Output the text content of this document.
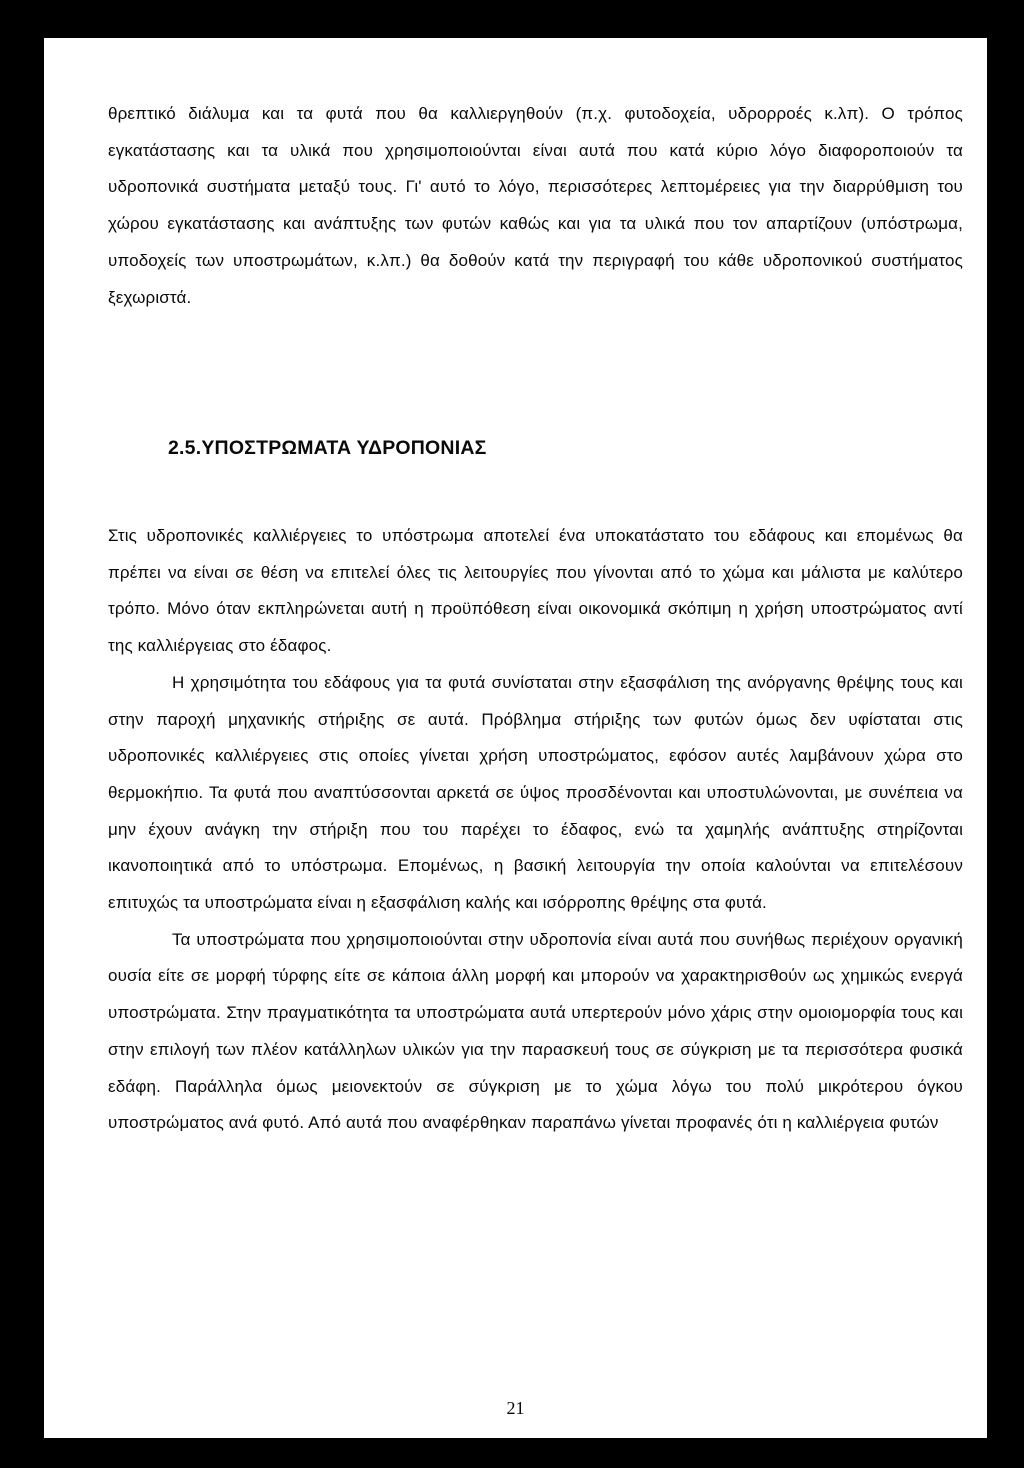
θρεπτικό διάλυμα και τα φυτά που θα καλλιεργηθούν (π.χ. φυτοδοχεία, υδρορροές κ.λπ). Ο τρόπος εγκατάστασης και τα υλικά που χρησιμοποιούνται είναι αυτά που κατά κύριο λόγο διαφοροποιούν τα υδροπονικά συστήματα μεταξύ τους. Γι' αυτό το λόγο, περισσότερες λεπτομέρειες για την διαρρύθμιση του χώρου εγκατάστασης και ανάπτυξης των φυτών καθώς και για τα υλικά που τον απαρτίζουν (υπόστρωμα, υποδοχείς των υποστρωμάτων, κ.λπ.) θα δοθούν κατά την περιγραφή του κάθε υδροπονικού συστήματος ξεχωριστά.

2.5.ΥΠΟΣΤΡΩΜΑΤΑ ΥΔΡΟΠΟΝΙΑΣ

Στις υδροπονικές καλλιέργειες το υπόστρωμα αποτελεί ένα υποκατάστατο του εδάφους και επομένως θα πρέπει να είναι σε θέση να επιτελεί όλες τις λειτουργίες που γίνονται από το χώμα και μάλιστα με καλύτερο τρόπο. Μόνο όταν εκπληρώνεται αυτή η προϋπόθεση είναι οικονομικά σκόπιμη η χρήση υποστρώματος αντί της καλλιέργειας στο έδαφος.

Η χρησιμότητα του εδάφους για τα φυτά συνίσταται στην εξασφάλιση της ανόργανης θρέψης τους και στην παροχή μηχανικής στήριξης σε αυτά. Πρόβλημα στήριξης των φυτών όμως δεν υφίσταται στις υδροπονικές καλλιέργειες στις οποίες γίνεται χρήση υποστρώματος, εφόσον αυτές λαμβάνουν χώρα στο θερμοκήπιο. Τα φυτά που αναπτύσσονται αρκετά σε ύψος προσδένονται και υποστυλώνονται, με συνέπεια να μην έχουν ανάγκη την στήριξη που του παρέχει το έδαφος, ενώ τα χαμηλής ανάπτυξης στηρίζονται ικανοποιητικά από το υπόστρωμα. Επομένως, η βασική λειτουργία την οποία καλούνται να επιτελέσουν επιτυχώς τα υποστρώματα είναι η εξασφάλιση καλής και ισόρροπης θρέψης στα φυτά.

Τα υποστρώματα που χρησιμοποιούνται στην υδροπονία είναι αυτά που συνήθως περιέχουν οργανική ουσία είτε σε μορφή τύρφης είτε σε κάποια άλλη μορφή και μπορούν να χαρακτηρισθούν ως χημικώς ενεργά υποστρώματα. Στην πραγματικότητα τα υποστρώματα αυτά υπερτερούν μόνο χάρις στην ομοιομορφία τους και στην επιλογή των πλέον κατάλληλων υλικών για την παρασκευή τους σε σύγκριση με τα περισσότερα φυσικά εδάφη. Παράλληλα όμως μειονεκτούν σε σύγκριση με το χώμα λόγω του πολύ μικρότερου όγκου υποστρώματος ανά φυτό. Από αυτά που αναφέρθηκαν παραπάνω γίνεται προφανές ότι η καλλιέργεια φυτών

21
